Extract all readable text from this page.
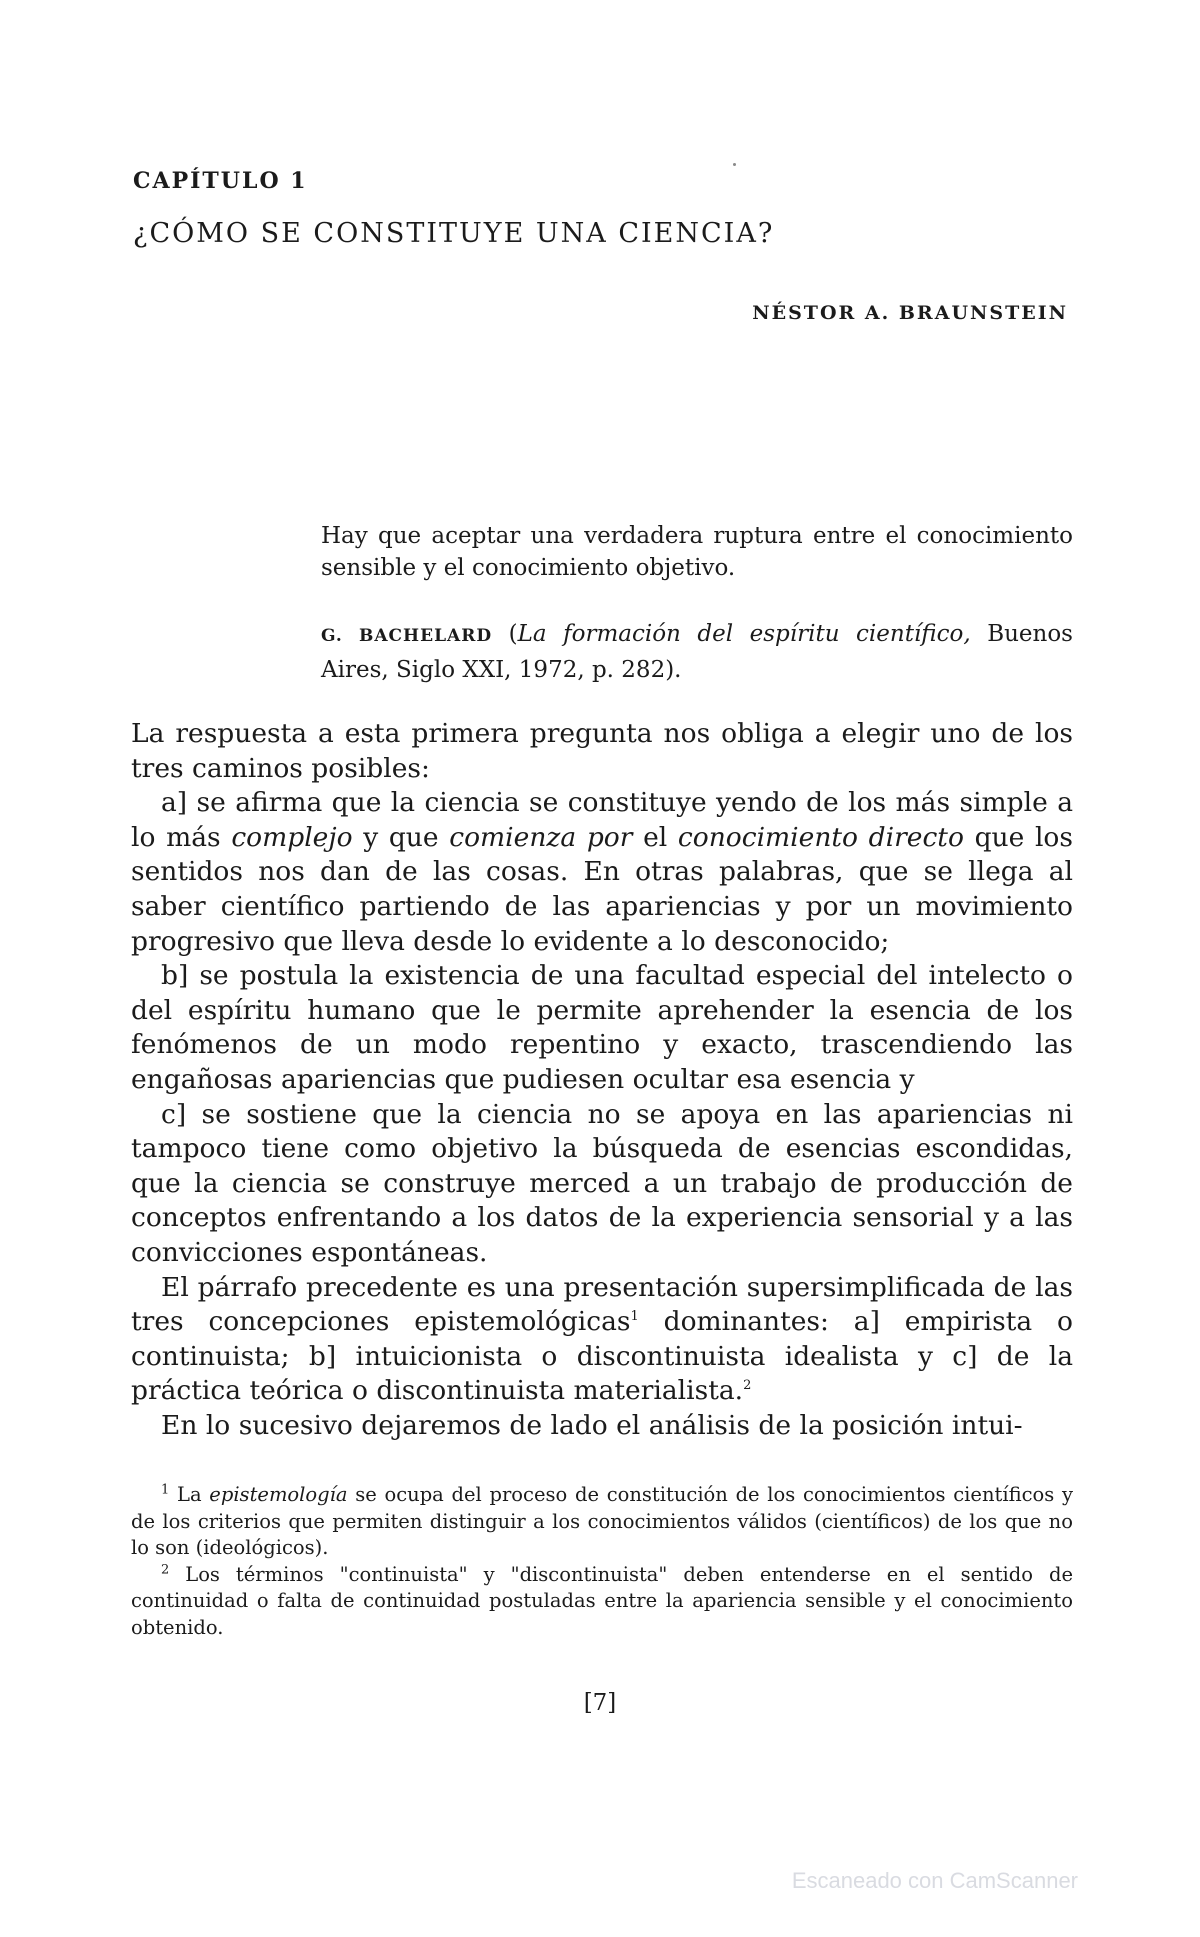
CAPÍTULO 1
¿CÓMO SE CONSTITUYE UNA CIENCIA?
NÉSTOR A. BRAUNSTEIN
Hay que aceptar una verdadera ruptura entre el conocimiento sensible y el conocimiento objetivo.
G. BACHELARD (La formación del espíritu científico, Buenos Aires, Siglo XXI, 1972, p. 282).

La respuesta a esta primera pregunta nos obliga a elegir uno de los tres caminos posibles:

a] se afirma que la ciencia se constituye yendo de los más simple a lo más complejo y que comienza por el conocimiento directo que los sentidos nos dan de las cosas. En otras palabras, que se llega al saber científico partiendo de las apariencias y por un movimiento progresivo que lleva desde lo evidente a lo desconocido;

b] se postula la existencia de una facultad especial del intelecto o del espíritu humano que le permite aprehender la esencia de los fenómenos de un modo repentino y exacto, trascendiendo las engañosas apariencias que pudiesen ocultar esa esencia y

c] se sostiene que la ciencia no se apoya en las apariencias ni tampoco tiene como objetivo la búsqueda de esencias escondidas, que la ciencia se construye merced a un trabajo de producción de conceptos enfrentando a los datos de la experiencia sensorial y a las convicciones espontáneas.

El párrafo precedente es una presentación supersimplificada de las tres concepciones epistemológicas$^1$ dominantes: a] empirista o continuista; b] intuicionista o discontinuista idealista y c] de la práctica teórica o discontinuista materialista.$^2$

En lo sucesivo dejaremos de lado el análisis de la posición intui-

$^1$ La epistemología se ocupa del proceso de constitución de los conocimientos científicos y de los criterios que permiten distinguir a los conocimientos válidos (científicos) de los que no lo son (ideológicos).

$^2$ Los términos "continuista" y "discontinuista" deben entenderse en el sentido de continuidad o falta de continuidad postuladas entre la apariencia sensible y el conocimiento obtenido.

[7]
Escaneado con CamScanner
